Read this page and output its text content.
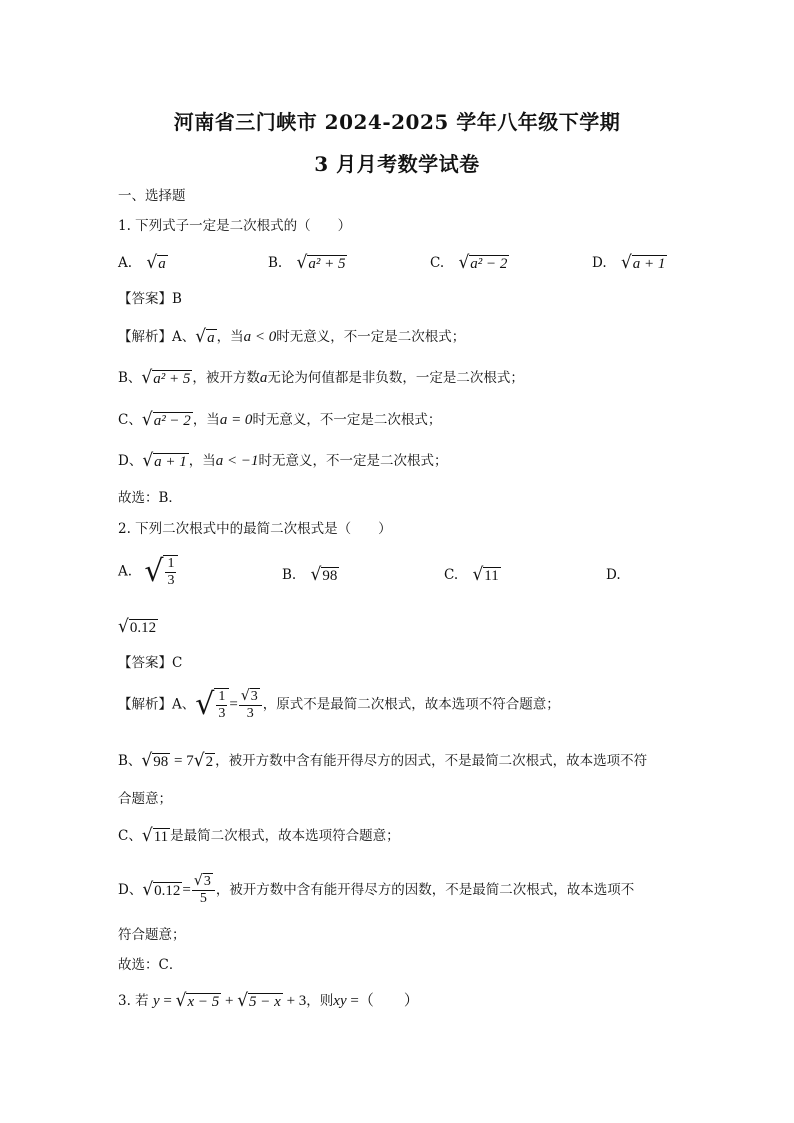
河南省三门峡市 2024-2025 学年八年级下学期
3 月月考数学试卷
一、选择题
1. 下列式子一定是二次根式的（　　）
A. √a	B. √a² + 5	C. √a² − 2	D. √a + 1
【答案】B
【解析】A、√a ，当a < 0时无意义，不一定是二次根式；
B、√a² + 5 ，被开方数a无论为何值都是非负数，一定是二次根式；
C、√a² − 2 ，当a = 0时无意义，不一定是二次根式；
D、√a + 1 ，当a < −1时无意义，不一定是二次根式；
故选：B．
2. 下列二次根式中的最简二次根式是（　　）
A. √ $\frac{1}{3}$	B. √98	C. √11	D.
√0.12
【答案】C
【解析】A、 √ $\frac{1}{3} = \frac{√3}{3}$ ，原式不是最简二次根式，故本选项不符合题意；
B、√98 = 7√2 ，被开方数中含有能开得尽方的因式，不是最简二次根式，故本选项不符
合题意；
C、√11 是最简二次根式，故本选项符合题意；
D、$√0.12 = \frac{√3}{5}$ ，被开方数中含有能开得尽方的因数，不是最简二次根式，故本选项不
符合题意；
故选：C．
3. 若 y = √x − 5 + √5 − x + 3，则xy =（　　）
